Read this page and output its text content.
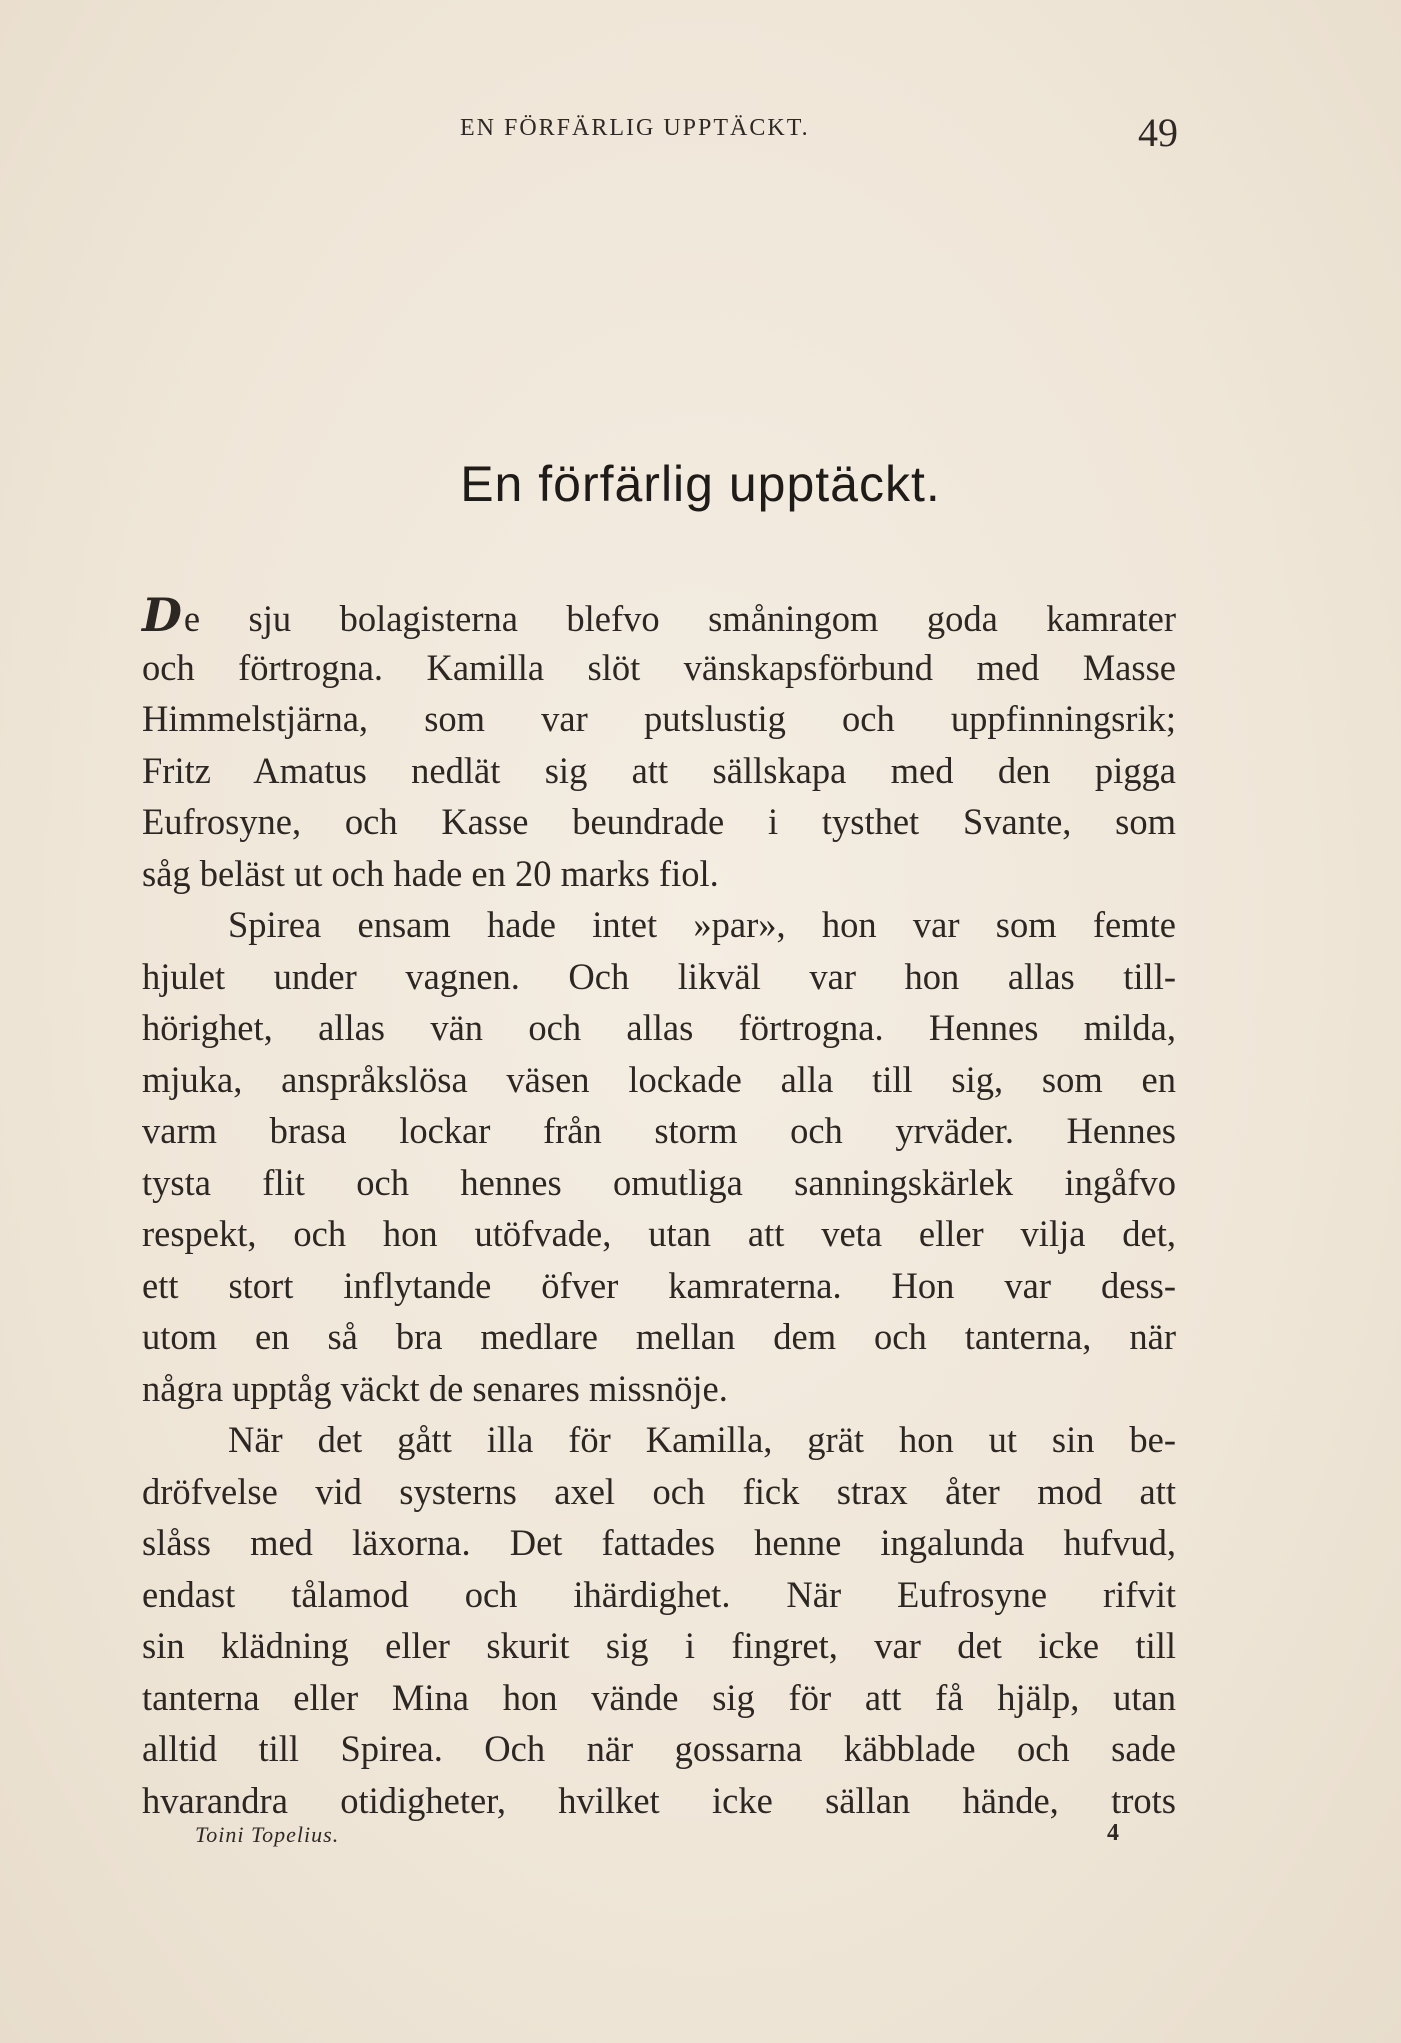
EN FÖRFÄRLIG UPPTÄCKT.	49
En förfärlig upptäckt.
De sju bolagisterna blefvo småningom goda kamrater
och förtrogna. Kamilla slöt vänskapsförbund med Masse
Himmelstjärna, som var putslustig och uppfinningsrik;
Fritz Amatus nedlät sig att sällskapa med den pigga
Eufrosyne, och Kasse beundrade i tysthet Svante, som
såg beläst ut och hade en 20 marks fiol.
Spirea ensam hade intet »par», hon var som femte
hjulet under vagnen. Och likväl var hon allas till-
hörighet, allas vän och allas förtrogna. Hennes milda,
mjuka, anspråkslösa väsen lockade alla till sig, som en
varm brasa lockar från storm och yrväder. Hennes
tysta flit och hennes omutliga sanningskärlek ingåfvo
respekt, och hon utöfvade, utan att veta eller vilja det,
ett stort inflytande öfver kamraterna. Hon var dess-
utom en så bra medlare mellan dem och tanterna, när
några upptåg väckt de senares missnöje.
När det gått illa för Kamilla, grät hon ut sin be-
dröfvelse vid systerns axel och fick strax åter mod att
slåss med läxorna. Det fattades henne ingalunda hufvud,
endast tålamod och ihärdighet. När Eufrosyne rifvit
sin klädning eller skurit sig i fingret, var det icke till
tanterna eller Mina hon vände sig för att få hjälp, utan
alltid till Spirea. Och när gossarna käbblade och sade
hvarandra otidigheter, hvilket icke sällan hände, trots
Toini Topelius.	4
